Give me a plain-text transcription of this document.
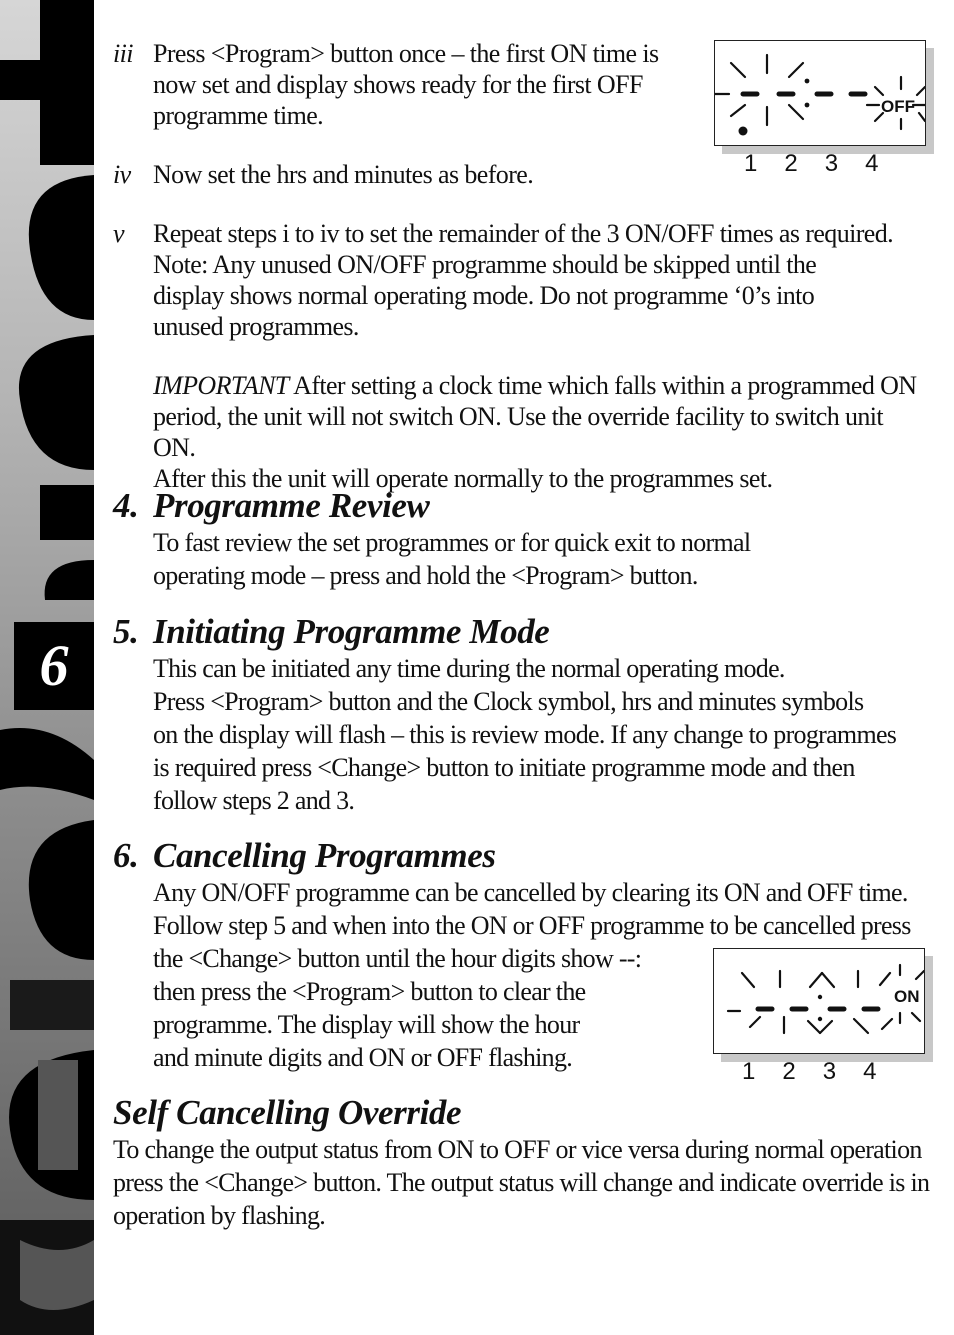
6
iii Press <Program> button once – the first ON time is
now set and display shows ready for the first OFF
programme time.
iv Now set the hrs and minutes as before.
v	Repeat steps i to iv to set the remainder of the 3 ON/OFF times as required.
Note: Any unused ON/OFF programme should be skipped until the
display shows normal operating mode. Do not programme ‘0’s into
unused programmes.
IMPORTANT After setting a clock time which falls within a programmed ON
period, the unit will not switch ON. Use the override facility to switch unit ON.
After this the unit will operate normally to the programmes set.
4. Programme Review
To fast review the set programmes or for quick exit to normal
operating mode – press and hold the <Program> button.
5. Initiating Programme Mode
This can be initiated any time during the normal operating mode.
Press <Program> button and the Clock symbol, hrs and minutes symbols
on the display will flash – this is review mode. If any change to programmes
is required press <Change> button to initiate programme mode and then
follow steps 2 and 3.
6. Cancelling Programmes
Any ON/OFF programme can be cancelled by clearing its ON and OFF time.
Follow step 5 and when into the ON or OFF programme to be cancelled press
the <Change> button until the hour digits show --:
then press the <Program> button to clear the
programme. The display will show the hour
and minute digits and ON or OFF flashing.
Self Cancelling Override
To change the output status from ON to OFF or vice versa during normal operation
press the <Change> button. The output status will change and indicate override is in
operation by flashing.
OFF
1 2 3 4
ON
1 2 3 4
